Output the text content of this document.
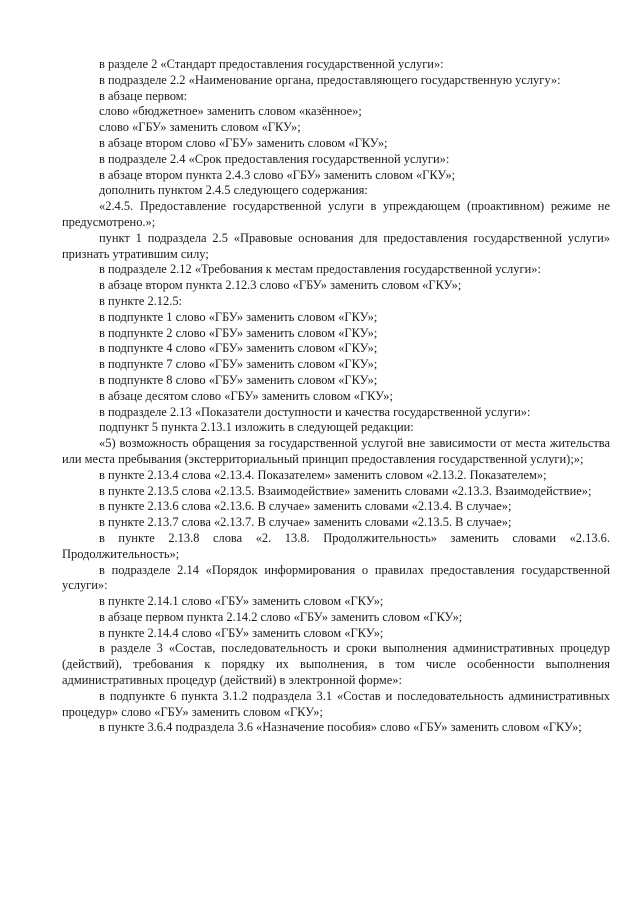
в разделе 2 «Стандарт предоставления государственной услуги»:

в подразделе 2.2 «Наименование органа, предоставляющего государственную услугу»:

в абзаце первом:

слово «бюджетное» заменить словом «казённое»;

слово «ГБУ» заменить словом «ГКУ»;

в абзаце втором слово «ГБУ» заменить словом «ГКУ»;

в подразделе 2.4 «Срок предоставления государственной услуги»:

в абзаце втором пункта 2.4.3 слово «ГБУ» заменить словом «ГКУ»;

дополнить пунктом 2.4.5 следующего содержания:

«2.4.5. Предоставление государственной услуги в упреждающем (проактивном) режиме не предусмотрено.»;

пункт 1 подраздела 2.5 «Правовые основания для предоставления государственной услуги» признать утратившим силу;

в подразделе 2.12 «Требования к местам предоставления государственной услуги»:

в абзаце втором пункта 2.12.3 слово «ГБУ» заменить словом «ГКУ»;

в пункте 2.12.5:

в подпункте 1 слово «ГБУ» заменить словом «ГКУ»;

в подпункте 2 слово «ГБУ» заменить словом «ГКУ»;

в подпункте 4 слово «ГБУ» заменить словом «ГКУ»;

в подпункте 7 слово «ГБУ» заменить словом «ГКУ»;

в подпункте 8 слово «ГБУ» заменить словом «ГКУ»;

в абзаце десятом слово «ГБУ» заменить словом «ГКУ»;

в подразделе 2.13 «Показатели доступности и качества государственной услуги»:

подпункт 5 пункта 2.13.1 изложить в следующей редакции:

«5) возможность обращения за государственной услугой вне зависимости от места жительства или места пребывания (экстерриториальный принцип предоставления государственной услуги);»;

в пункте 2.13.4 слова «2.13.4. Показателем» заменить словом «2.13.2. Показателем»;

в пункте 2.13.5 слова «2.13.5. Взаимодействие» заменить словами «2.13.3. Взаимодействие»;

в пункте 2.13.6 слова «2.13.6. В случае» заменить словами «2.13.4. В случае»;

в пункте 2.13.7 слова «2.13.7. В случае» заменить словами «2.13.5. В случае»;

в пункте 2.13.8 слова «2. 13.8. Продолжительность» заменить словами «2.13.6. Продолжительность»;

в подразделе 2.14 «Порядок информирования о правилах предоставления государственной услуги»:

в пункте 2.14.1 слово «ГБУ» заменить словом «ГКУ»;

в абзаце первом пункта 2.14.2 слово «ГБУ» заменить словом «ГКУ»;

в пункте 2.14.4 слово «ГБУ» заменить словом «ГКУ»;

в разделе 3 «Состав, последовательность и сроки выполнения административных процедур (действий), требования к порядку их выполнения, в том числе особенности выполнения административных процедур (действий) в электронной форме»:

в подпункте 6 пункта 3.1.2 подраздела 3.1 «Состав и последовательность административных процедур» слово «ГБУ» заменить словом «ГКУ»;

в пункте 3.6.4 подраздела 3.6 «Назначение пособия» слово «ГБУ» заменить словом «ГКУ»;
